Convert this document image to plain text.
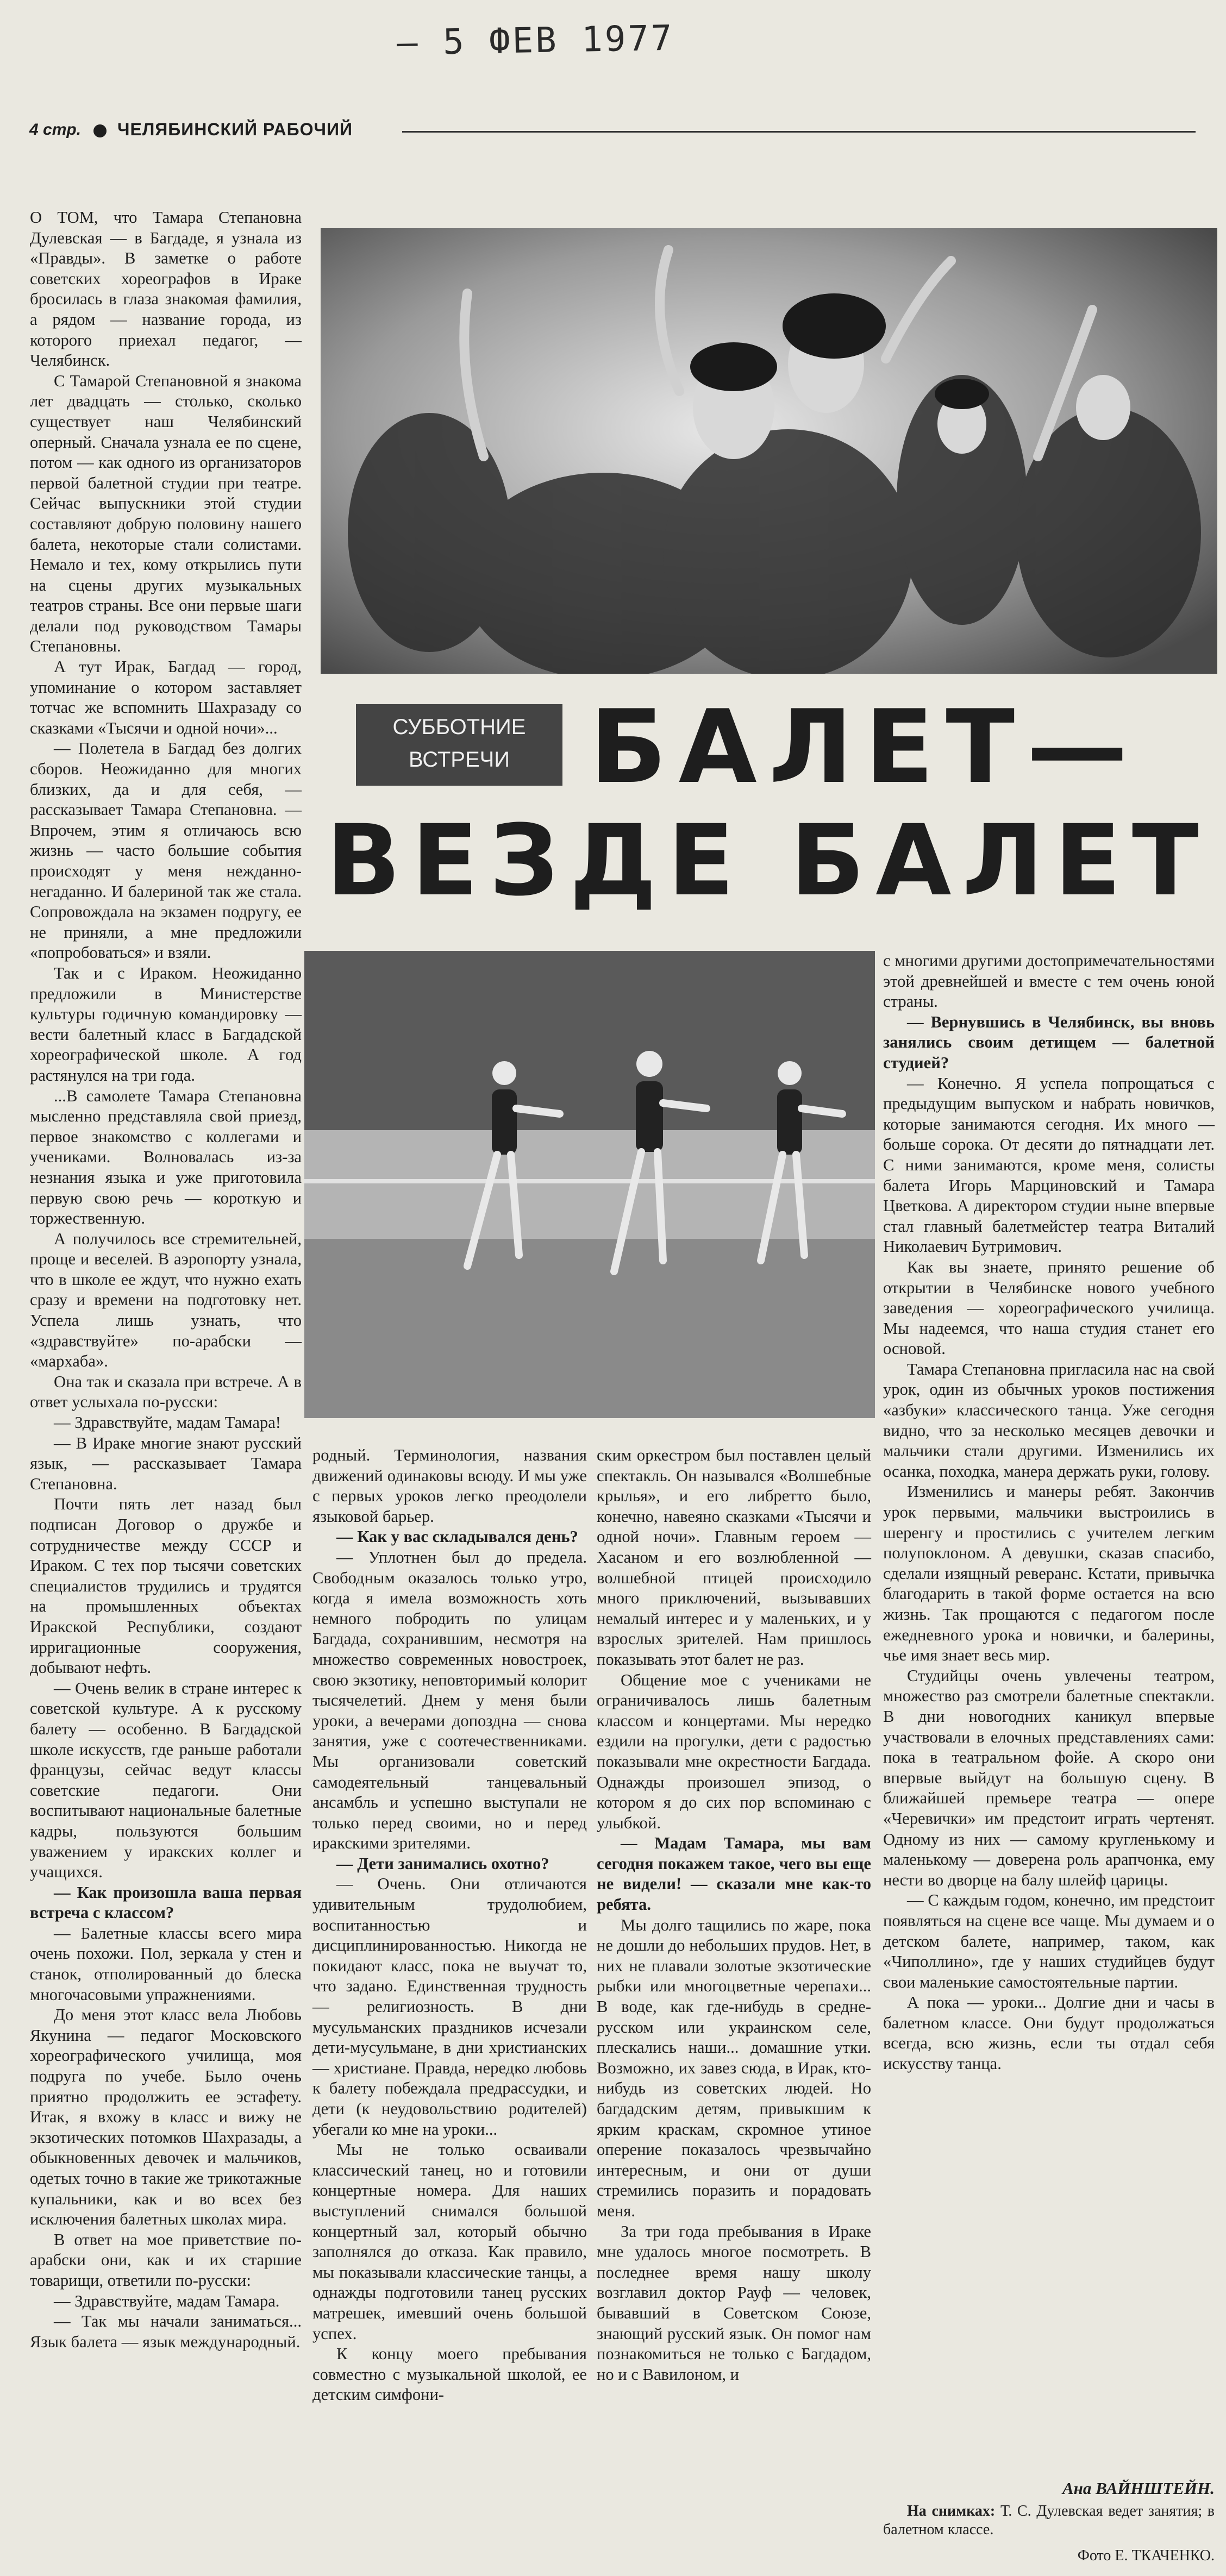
– 5 ФЕВ 1977
4 стр. ЧЕЛЯБИНСКИЙ РАБОЧИЙ
СУББОТНИЕ
ВСТРЕЧИ БАЛЕТ—
ВЕЗДЕ БАЛЕТ

О ТОМ, что Тамара Степановна Дулевская — в Багдаде, я узнала из «Правды». В заметке о работе советских хореографов в Ираке бросилась в глаза знакомая фамилия, а рядом — название города, из которого приехал педагог, — Челябинск.

С Тамарой Степановной я знакома лет двадцать — столько, сколько существует наш Челябинский оперный. Сначала узнала ее по сцене, потом — как одного из организаторов первой балетной студии при театре. Сейчас выпускники этой студии составляют добрую половину нашего балета, некоторые стали солистами. Немало и тех, кому открылись пути на сцены других музыкальных театров страны. Все они первые шаги делали под руководством Тамары Степановны.

А тут Ирак, Багдад — город, упоминание о котором заставляет тотчас же вспомнить Шахразаду со сказками «Тысячи и одной ночи»...

— Полетела в Багдад без долгих сборов. Неожиданно для многих близких, да и для себя, — рассказывает Тамара Степановна. — Впрочем, этим я отличаюсь всю жизнь — часто большие события происходят у меня нежданно-негаданно. И балериной так же стала. Сопровождала на экзамен подругу, ее не приняли, а мне предложили «попробоваться» и взяли.

Так и с Ираком. Неожиданно предложили в Министерстве культуры годичную командировку — вести балетный класс в Багдадской хореографической школе. А год растянулся на три года.

...В самолете Тамара Степановна мысленно представляла свой приезд, первое знакомство с коллегами и учениками. Волновалась из-за незнания языка и уже приготовила первую свою речь — короткую и торжественную.

А получилось все стремительней, проще и веселей. В аэропорту узнала, что в школе ее ждут, что нужно ехать сразу и времени на подготовку нет. Успела лишь узнать, что «здравствуйте» по-арабски — «мархаба».

Она так и сказала при встрече. А в ответ услыхала по-русски:

— Здравствуйте, мадам Тамара!

— В Ираке многие знают русский язык, — рассказывает Тамара Степановна.

Почти пять лет назад был подписан Договор о дружбе и сотрудничестве между СССР и Ираком. С тех пор тысячи советских специалистов трудились и трудятся на промышленных объектах Иракской Республики, создают ирригационные сооружения, добывают нефть.

— Очень велик в стране интерес к советской культуре. А к русскому балету — особенно. В Багдадской школе искусств, где раньше работали французы, сейчас ведут классы советские педагоги. Они воспитывают национальные балетные кадры, пользуются большим уважением у иракских коллег и учащихся.

— Как произошла ваша первая встреча с классом?

— Балетные классы всего мира очень похожи. Пол, зеркала у стен и станок, отполированный до блеска многочасовыми упражнениями.

До меня этот класс вела Любовь Якунина — педагог Московского хореографического училища, моя подруга по учебе. Было очень приятно продолжить ее эстафету. Итак, я вхожу в класс и вижу не экзотических потомков Шахразады, а обыкновенных девочек и мальчиков, одетых точно в такие же трикотажные купальники, как и во всех без исключения балетных школах мира.

В ответ на мое приветствие по-арабски они, как и их старшие товарищи, ответили по-русски:

— Здравствуйте, мадам Тамара.

— Так мы начали заниматься... Язык балета — язык международный.

родный. Терминология, названия движений одинаковы всюду. И мы уже с первых уроков легко преодолели языковой барьер.

— Как у вас складывался день?

— Уплотнен был до предела. Свободным оказалось только утро, когда я имела возможность хоть немного побродить по улицам Багдада, сохранившим, несмотря на множество современных новостроек, свою экзотику, неповторимый колорит тысячелетий. Днем у меня были уроки, а вечерами допоздна — снова занятия, уже с соотечественниками. Мы организовали советский самодеятельный танцевальный ансамбль и успешно выступали не только перед своими, но и перед иракскими зрителями.

— Дети занимались охотно?

— Очень. Они отличаются удивительным трудолюбием, воспитанностью и дисциплинированностью. Никогда не покидают класс, пока не выучат то, что задано. Единственная трудность — религиозность. В дни мусульманских праздников исчезали дети-мусульмане, в дни христианских — христиане. Правда, нередко любовь к балету побеждала предрассудки, и дети (к неудовольствию родителей) убегали ко мне на уроки...

Мы не только осваивали классический танец, но и готовили концертные номера. Для наших выступлений снимался большой концертный зал, который обычно заполнялся до отказа. Как правило, мы показывали классические танцы, а однажды подготовили танец русских матрешек, имевший очень большой успех.

К концу моего пребывания совместно с музыкальной школой, ее детским симфони-

ским оркестром был поставлен целый спектакль. Он назывался «Волшебные крылья», и его либретто было, конечно, навеяно сказками «Тысячи и одной ночи». Главным героем — Хасаном и его возлюбленной — волшебной птицей происходило много приключений, вызывавших немалый интерес и у маленьких, и у взрослых зрителей. Нам пришлось показывать этот балет не раз.

Общение мое с учениками не ограничивалось лишь балетным классом и концертами. Мы нередко ездили на прогулки, дети с радостью показывали мне окрестности Багдада. Однажды произошел эпизод, о котором я до сих пор вспоминаю с улыбкой.

— Мадам Тамара, мы вам сегодня покажем такое, чего вы еще не видели! — сказали мне как-то ребята.

Мы долго тащились по жаре, пока не дошли до небольших прудов. Нет, в них не плавали золотые экзотические рыбки или многоцветные черепахи... В воде, как где-нибудь в средне-русском или украинском селе, плескались наши... домашние утки. Возможно, их завез сюда, в Ирак, кто-нибудь из советских людей. Но багдадским детям, привыкшим к ярким краскам, скромное утиное оперение показалось чрезвычайно интересным, и они от души стремились поразить и порадовать меня.

За три года пребывания в Ираке мне удалось многое посмотреть. В последнее время нашу школу возглавил доктор Рауф — человек, бывавший в Советском Союзе, знающий русский язык. Он помог нам познакомиться не только с Багдадом, но и с Вавилоном, и

с многими другими достопримечательностями этой древнейшей и вместе с тем очень юной страны.

— Вернувшись в Челябинск, вы вновь занялись своим детищем — балетной студией?

— Конечно. Я успела попрощаться с предыдущим выпуском и набрать новичков, которые занимаются сегодня. Их много — больше сорока. От десяти до пятнадцати лет. С ними занимаются, кроме меня, солисты балета Игорь Марциновский и Тамара Цветкова. А директором студии ныне впервые стал главный балетмейстер театра Виталий Николаевич Бутримович.

Как вы знаете, принято решение об открытии в Челябинске нового учебного заведения — хореографического училища. Мы надеемся, что наша студия станет его основой.

Тамара Степановна пригласила нас на свой урок, один из обычных уроков постижения «азбуки» классического танца. Уже сегодня видно, что за несколько месяцев девочки и мальчики стали другими. Изменились их осанка, походка, манера держать руки, голову.

Изменились и манеры ребят. Закончив урок первыми, мальчики выстроились в шеренгу и простились с учителем легким полупоклоном. А девушки, сказав спасибо, сделали изящный реверанс. Кстати, привычка благодарить в такой форме остается на всю жизнь. Так прощаются с педагогом после ежедневного урока и новички, и балерины, чье имя знает весь мир.

Студийцы очень увлечены театром, множество раз смотрели балетные спектакли. В дни новогодних каникул впервые участвовали в елочных представлениях сами: пока в театральном фойе. А скоро они впервые выйдут на большую сцену. В ближайшей премьере театра — опере «Черевички» им предстоит играть чертенят. Одному из них — самому кругленькому и маленькому — доверена роль арапчонка, ему нести во дворце на балу шлейф царицы.

— С каждым годом, конечно, им предстоит появляться на сцене все чаще. Мы думаем и о детском балете, например, таком, как «Чиполлино», где у наших студийцев будут свои маленькие самостоятельные партии.

А пока — уроки... Долгие дни и часы в балетном классе. Они будут продолжаться всегда, всю жизнь, если ты отдал себя искусству танца.

Ана ВАЙНШТЕЙН.

На снимках: Т. С. Дулевская ведет занятия; в балетном классе.

Фото Е. ТКАЧЕНКО.
